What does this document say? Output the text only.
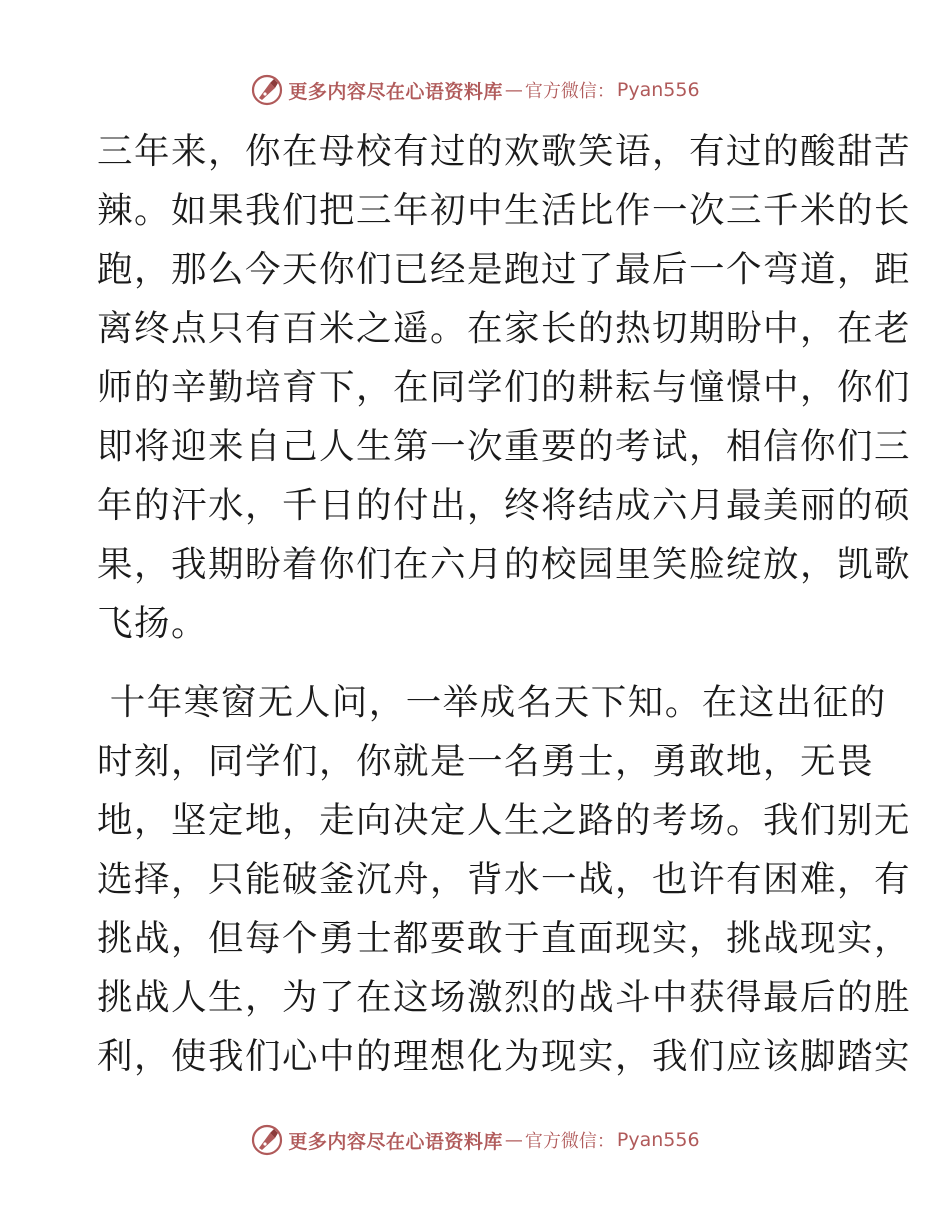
更多内容尽在心语资料库 — 官方微信： Pyan556

三年来，你在母校有过的欢歌笑语，有过的酸甜苦
辣。如果我们把三年初中生活比作一次三千米的长
跑，那么今天你们已经是跑过了最后一个弯道，距
离终点只有百米之遥。在家长的热切期盼中，在老
师的辛勤培育下，在同学们的耕耘与憧憬中，你们
即将迎来自己人生第一次重要的考试，相信你们三
年的汗水，千日的付出，终将结成六月最美丽的硕
果，我期盼着你们在六月的校园里笑脸绽放，凯歌
飞扬。

十年寒窗无人问，一举成名天下知。在这出征的
时刻，同学们，你就是一名勇士，勇敢地，无畏
地，坚定地，走向决定人生之路的考场。我们别无
选择，只能破釜沉舟，背水一战，也许有困难，有
挑战，但每个勇士都要敢于直面现实，挑战现实，
挑战人生，为了在这场激烈的战斗中获得最后的胜
利，使我们心中的理想化为现实，我们应该脚踏实

更多内容尽在心语资料库 — 官方微信： Pyan556
